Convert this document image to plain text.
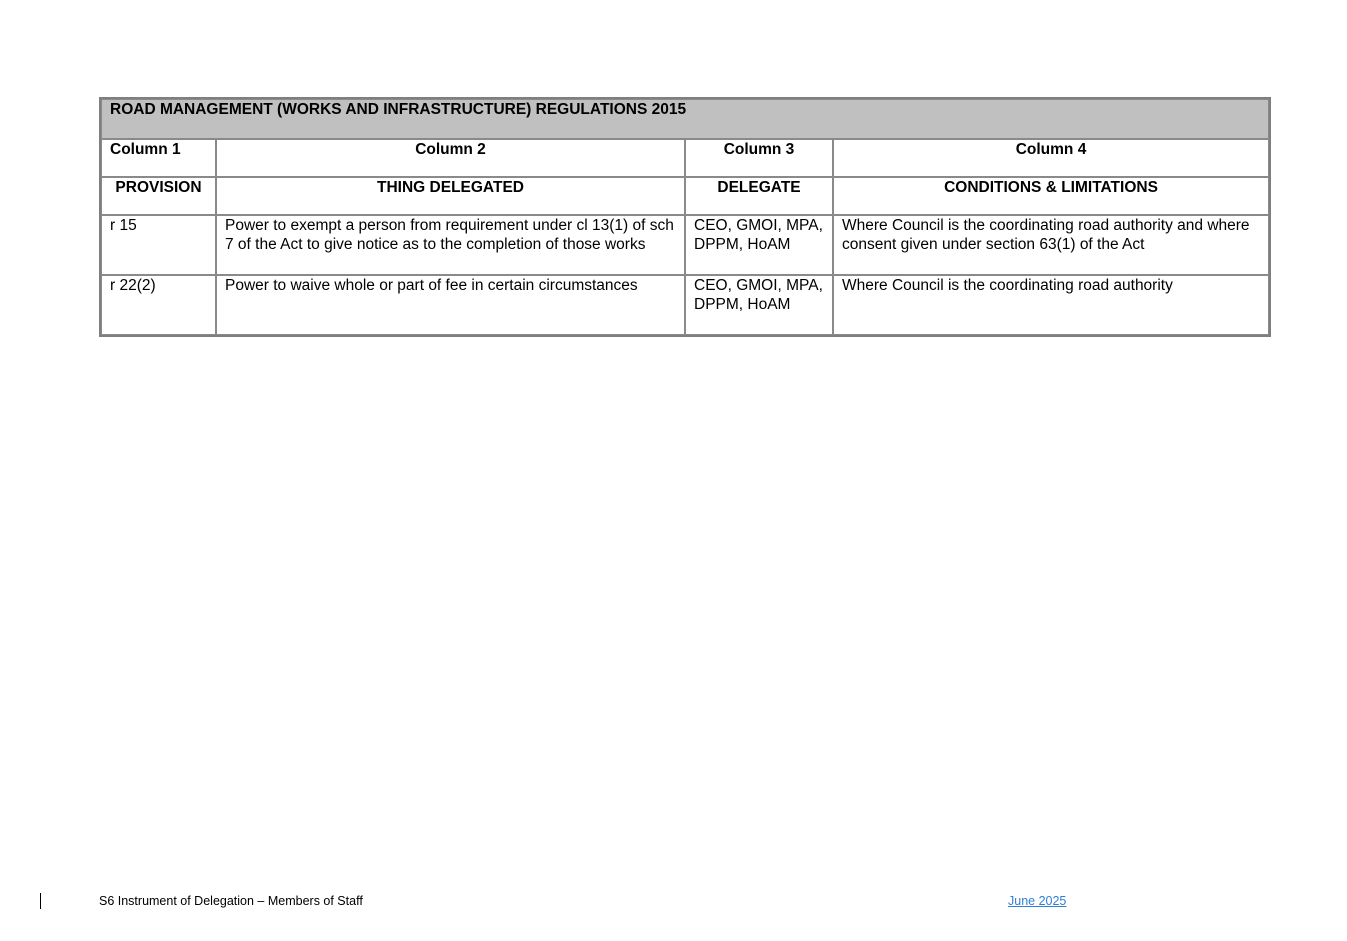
ROAD MANAGEMENT (WORKS AND INFRASTRUCTURE) REGULATIONS 2015			
Column 1	Column 2	Column 3	Column 4
PROVISION	THING DELEGATED	DELEGATE	CONDITIONS & LIMITATIONS
r 15	Power to exempt a person from requirement under cl 13(1) of sch 7 of the Act to give notice as to the completion of those works	CEO, GMOI, MPA, DPPM, HoAM	Where Council is the coordinating road authority and where consent given under section 63(1) of the Act
r 22(2)	Power to waive whole or part of fee in certain circumstances	CEO, GMOI, MPA, DPPM, HoAM	Where Council is the coordinating road authority
S6 Instrument of Delegation – Members of Staff	June 2025
